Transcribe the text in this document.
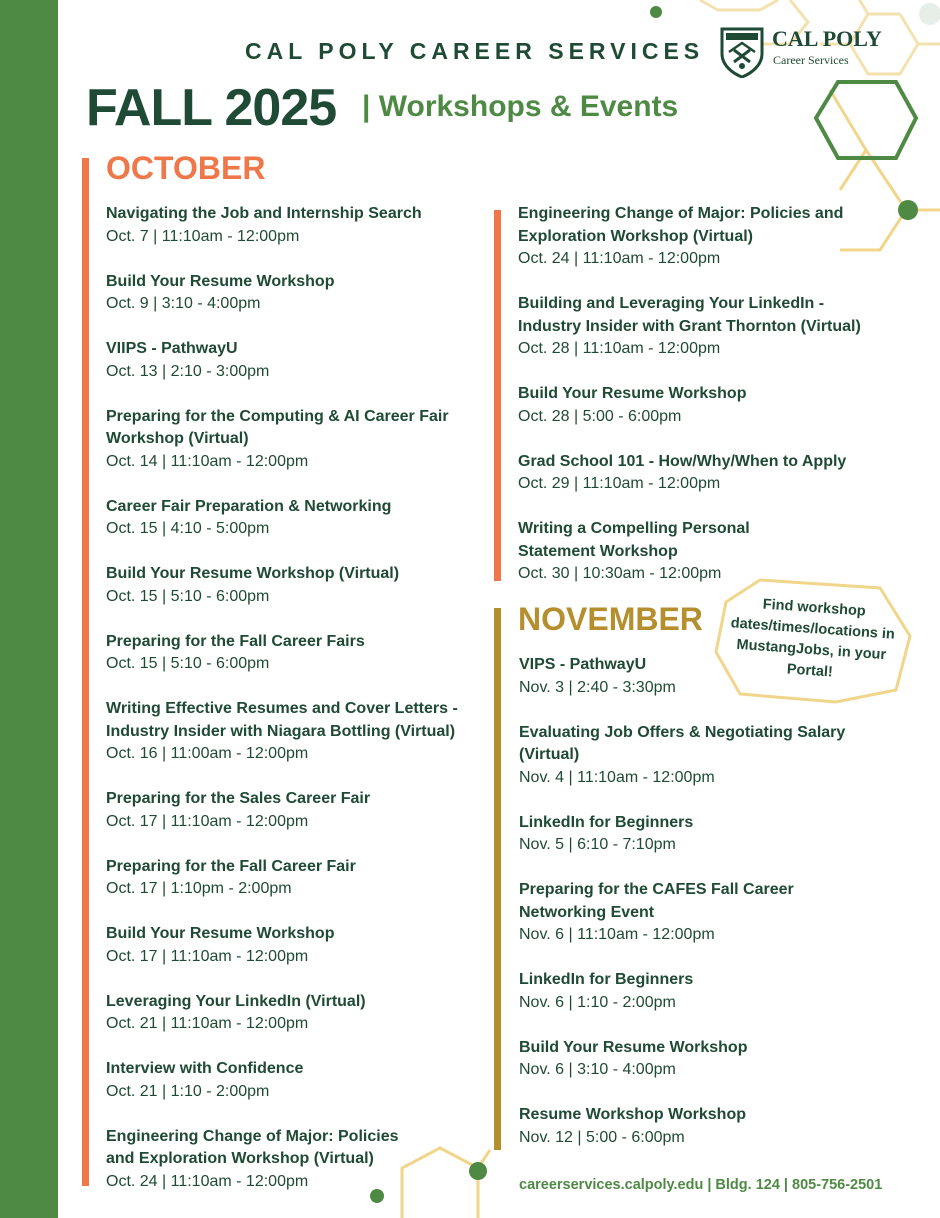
CAL POLY CAREER SERVICES
FALL 2025 | Workshops & Events
CAL POLY
Career Services
OCTOBER
NOVEMBER
Navigating the Job and Internship Search
Oct. 7 | 11:10am - 12:00pm
Build Your Resume Workshop
Oct. 9 | 3:10 - 4:00pm
VIIPS - PathwayU
Oct. 13 | 2:10 - 3:00pm
Preparing for the Computing & AI Career Fair
Workshop (Virtual)
Oct. 14 | 11:10am - 12:00pm
Career Fair Preparation & Networking
Oct. 15 | 4:10 - 5:00pm
Build Your Resume Workshop (Virtual)
Oct. 15 | 5:10 - 6:00pm
Preparing for the Fall Career Fairs
Oct. 15 | 5:10 - 6:00pm
Writing Effective Resumes and Cover Letters -
Industry Insider with Niagara Bottling (Virtual)
Oct. 16 | 11:00am - 12:00pm
Preparing for the Sales Career Fair
Oct. 17 | 11:10am - 12:00pm
Preparing for the Fall Career Fair
Oct. 17 | 1:10pm - 2:00pm
Build Your Resume Workshop
Oct. 17 | 11:10am - 12:00pm
Leveraging Your LinkedIn (Virtual)
Oct. 21 | 11:10am - 12:00pm
Interview with Confidence
Oct. 21 | 1:10 - 2:00pm
Engineering Change of Major: Policies
and Exploration Workshop (Virtual)
Oct. 24 | 11:10am - 12:00pm
Engineering Change of Major: Policies and
Exploration Workshop (Virtual)
Oct. 24 | 11:10am - 12:00pm
Building and Leveraging Your LinkedIn -
Industry Insider with Grant Thornton (Virtual)
Oct. 28 | 11:10am - 12:00pm
Build Your Resume Workshop
Oct. 28 | 5:00 - 6:00pm
Grad School 101 - How/Why/When to Apply
Oct. 29 | 11:10am - 12:00pm
Writing a Compelling Personal
Statement Workshop
Oct. 30 | 10:30am - 12:00pm
VIPS - PathwayU
Nov. 3 | 2:40 - 3:30pm
Evaluating Job Offers & Negotiating Salary
(Virtual)
Nov. 4 | 11:10am - 12:00pm
LinkedIn for Beginners
Nov. 5 | 6:10 - 7:10pm
Preparing for the CAFES Fall Career
Networking Event
Nov. 6 | 11:10am - 12:00pm
LinkedIn for Beginners
Nov. 6 | 1:10 - 2:00pm
Build Your Resume Workshop
Nov. 6 | 3:10 - 4:00pm
Resume Workshop Workshop
Nov. 12 | 5:00 - 6:00pm
Find workshop dates/times/locations in MustangJobs, in your Portal!
careerservices.calpoly.edu | Bldg. 124 | 805-756-2501
